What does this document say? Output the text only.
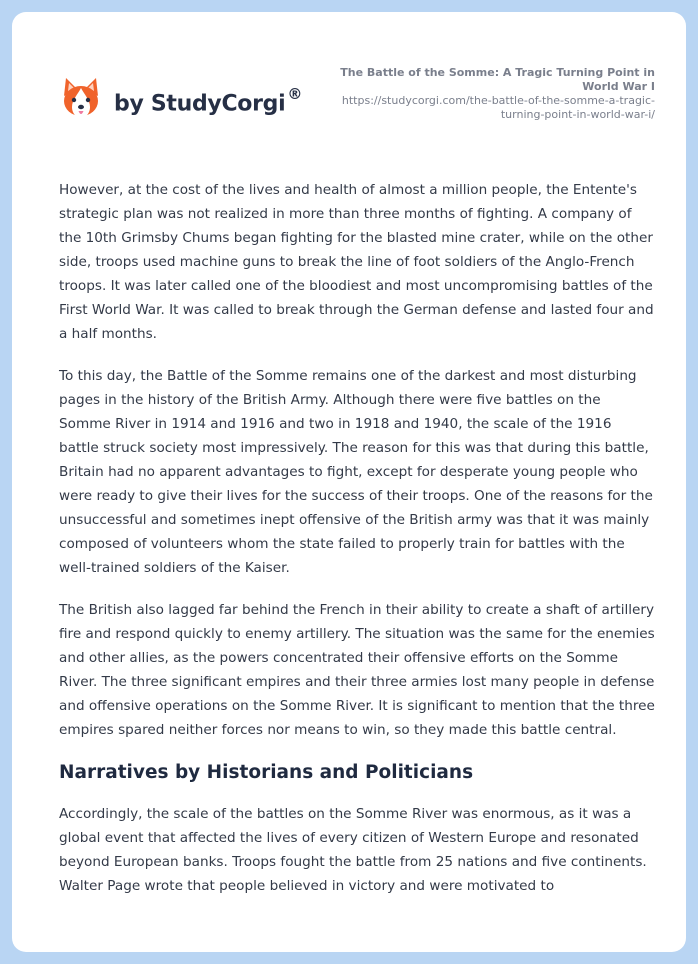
by StudyCorgi ®
The Battle of the Somme: A Tragic Turning Point in World War I
https://studycorgi.com/the-battle-of-the-somme-a-tragic-turning-point-in-world-war-i/

However, at the cost of the lives and health of almost a million people, the Entente's strategic plan was not realized in more than three months of fighting. A company of the 10th Grimsby Chums began fighting for the blasted mine crater, while on the other side, troops used machine guns to break the line of foot soldiers of the Anglo-French troops. It was later called one of the bloodiest and most uncompromising battles of the First World War. It was called to break through the German defense and lasted four and a half months.

To this day, the Battle of the Somme remains one of the darkest and most disturbing pages in the history of the British Army. Although there were five battles on the Somme River in 1914 and 1916 and two in 1918 and 1940, the scale of the 1916 battle struck society most impressively. The reason for this was that during this battle, Britain had no apparent advantages to fight, except for desperate young people who were ready to give their lives for the success of their troops. One of the reasons for the unsuccessful and sometimes inept offensive of the British army was that it was mainly composed of volunteers whom the state failed to properly train for battles with the well-trained soldiers of the Kaiser.

The British also lagged far behind the French in their ability to create a shaft of artillery fire and respond quickly to enemy artillery. The situation was the same for the enemies and other allies, as the powers concentrated their offensive efforts on the Somme River. The three significant empires and their three armies lost many people in defense and offensive operations on the Somme River. It is significant to mention that the three empires spared neither forces nor means to win, so they made this battle central.

Narratives by Historians and Politicians

Accordingly, the scale of the battles on the Somme River was enormous, as it was a global event that affected the lives of every citizen of Western Europe and resonated beyond European banks. Troops fought the battle from 25 nations and five continents. Walter Page wrote that people believed in victory and were motivated to
